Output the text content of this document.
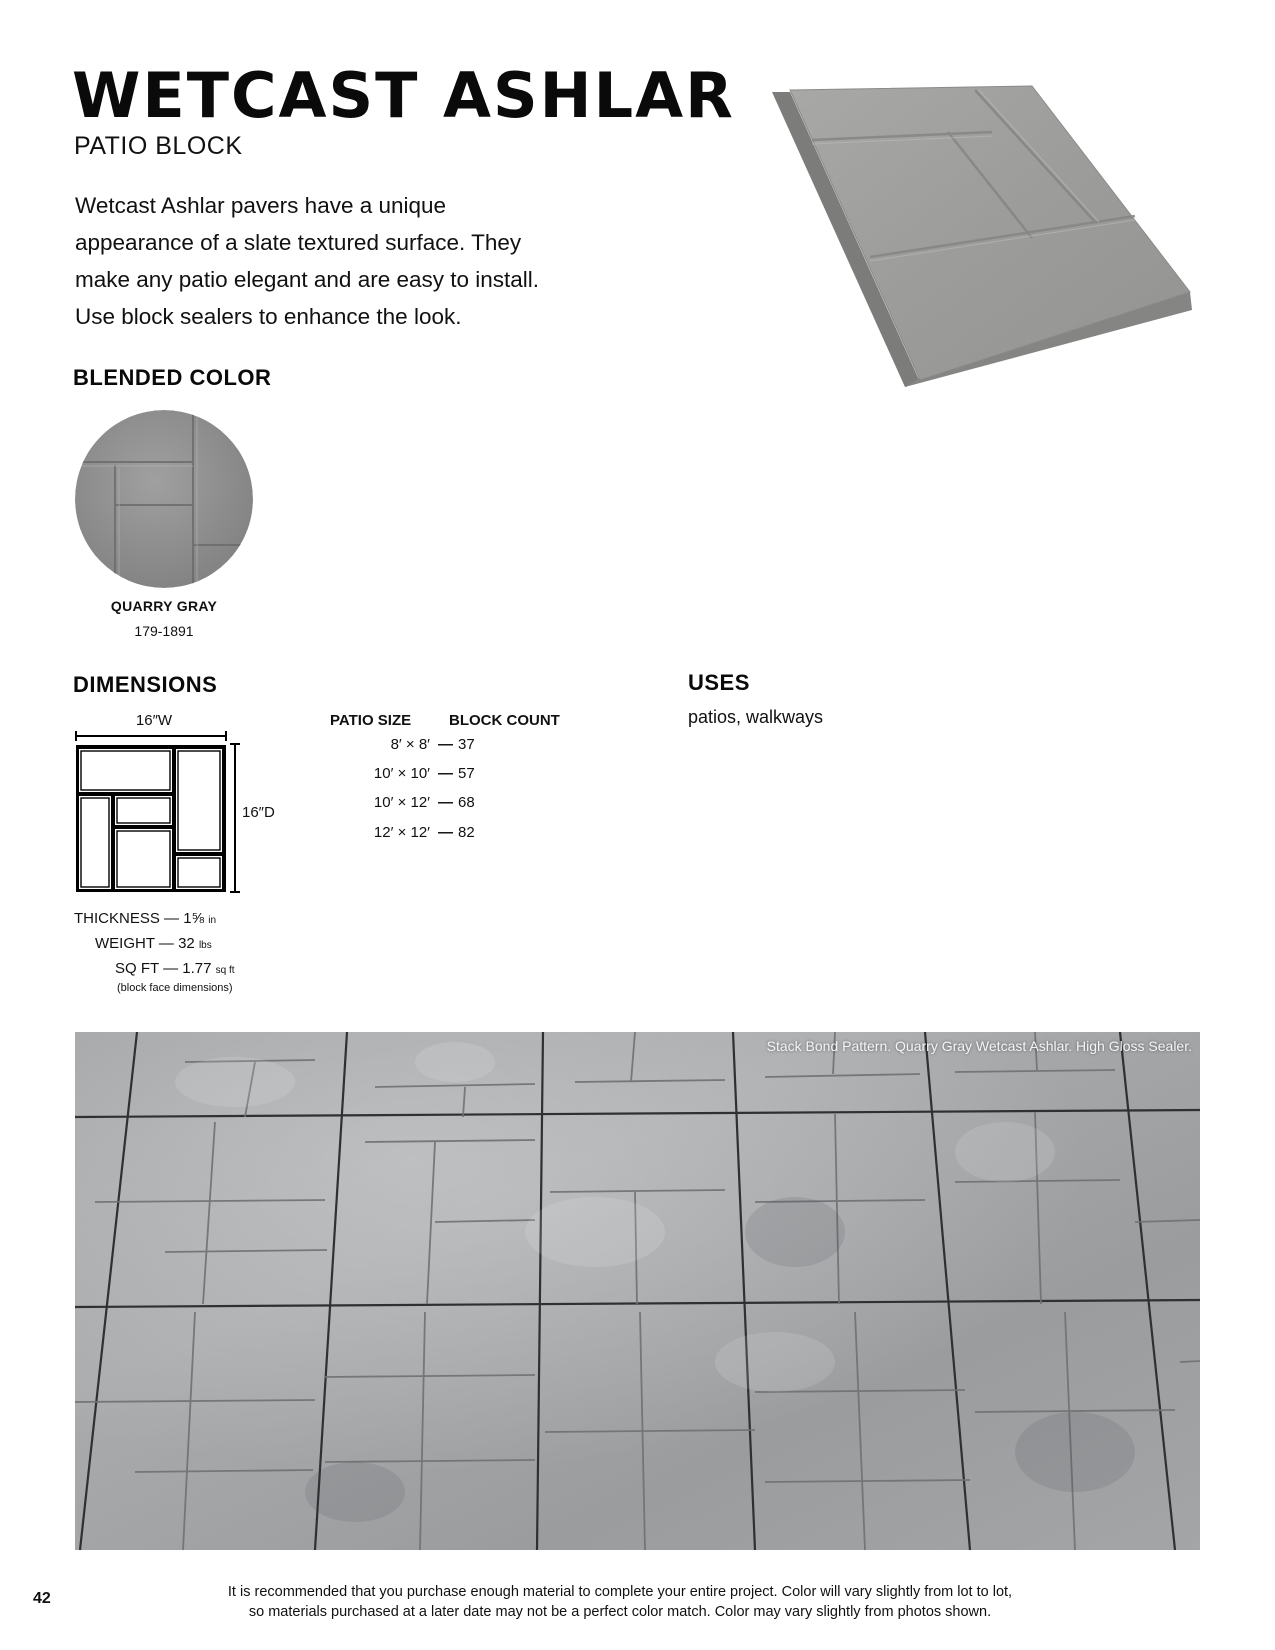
WETCAST ASHLAR
PATIO BLOCK
Wetcast Ashlar pavers have a unique
appearance of a slate textured surface. They
make any patio elegant and are easy to install.
Use block sealers to enhance the look.
BLENDED COLOR
QUARRY GRAY
179-1891
DIMENSIONS
16″W
16″D
THICKNESS — 1⅝ in
WEIGHT — 32 lbs
SQ FT — 1.77 sq ft
(block face dimensions)
PATIO SIZE	BLOCK COUNT
8′ × 8′ — 37
10′ × 10′ — 57
10′ × 12′ — 68
12′ × 12′ — 82
USES
patios, walkways
Stack Bond Pattern. Quarry Gray Wetcast Ashlar. High Gloss Sealer.
42	It is recommended that you purchase enough material to complete your entire project. Color will vary slightly from lot to lot,
so materials purchased at a later date may not be a perfect color match. Color may vary slightly from photos shown.
